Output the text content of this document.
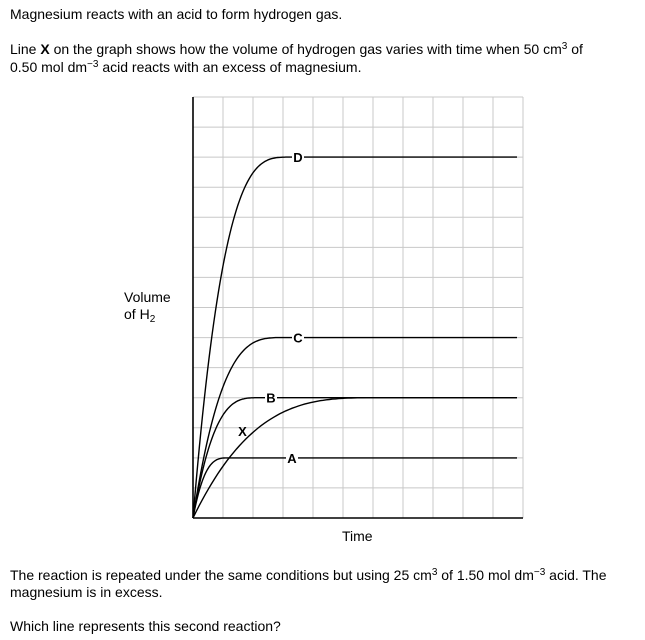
Magnesium reacts with an acid to form hydrogen gas.

Line X on the graph shows how the volume of hydrogen gas varies with time when 50 $cm^3$ of

0.50 mol $dm^{-3}$ acid reacts with an excess of magnesium.

D
C
B
X
A
Volume
of $H_2$
Time

The reaction is repeated under the same conditions but using 25 $cm^3$ of 1.50 mol $dm^{-3}$ acid. The

magnesium is in excess.

Which line represents this second reaction?
